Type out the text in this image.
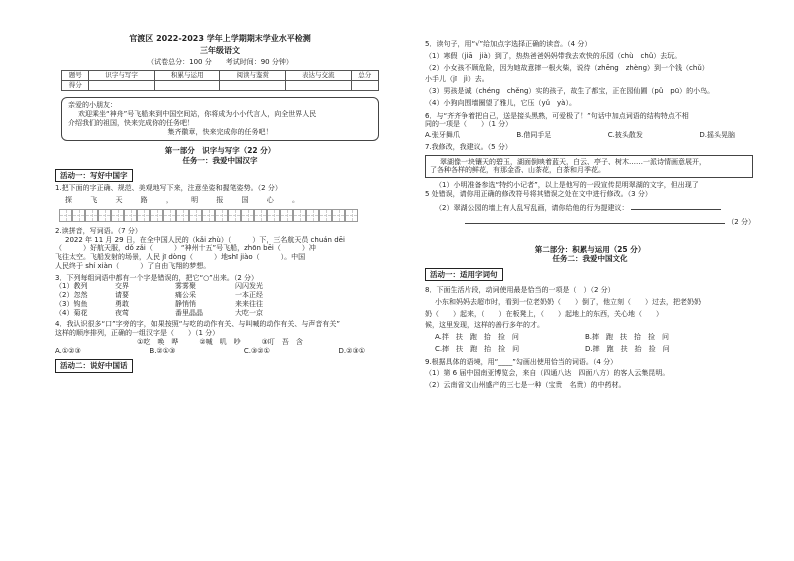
官渡区 2022-2023 学年上学期期末学业水平检测
三年级语文
（试卷总分：100 分　　考试时间：90 分钟）
题号	识字与写字	积累与运用	阅读与鉴赏	表达与交流	总分
得分					

亲爱的小朋友：

欢迎乘坐“神舟”号飞船来到中国空间站，你将成为小小代言人，向全世界人民

介绍我们的祖国，快来完成你的任务吧！

集齐徽章，快来完成你的任务吧！

第一部分　识字与写字（22 分）
任务一：我爱中国汉字
活动一：写好中国字

1.把下面的字正确、规范、美观地写下来，注意坐姿和握笔姿势。（2 分）

探 飞 天 路 ， 明 报 国 心 。

2.读拼音，写词语。（7 分）

2022 年 11 月 29 日，在全中国人民的（kǎi zhù）（　　　）下，三名航天员 chuán dēi

（　　　）好航天服，dǒ zǎi（　　　）“神州十五”号飞船，zhōn bēi（　　　）冲

飞往太空。飞船发射的场景，人民 jī dòng（　　　）地shī jiào（　　　）。中国

人民终于 shí xiàn（　　　）了自由飞翔的梦想。

3．下列每组词语中都有一个字是错误的，把它“○”出来。（2 分）

（1）教列	交界	雾雾聚	闪闪发光
（2）忽然	请要	痛公采	一本正经
（3）钩鱼	勇敢	静悄悄	来来往往
（4）菊花	夜莺	番里晶晶	大吃一京

4．我认识很多“口”字旁的字，如果按照“与吃的动作有关、与叫喊的动作有关、与声音有关”

这样的顺序排列，正确的一组汉字是（　　）（1 分）

①吃　唤　哗　　　②喊　叽　吵　　　③叮　吾　含

A.①②③	B.②①③	C.③②①	D.②③①
活动二：说好中国话

5．读句子，用“√”给加点字选择正确的读音。（4 分）

（1）寒假（jiā　jià）到了，热热爸爸妈妈带我去欢快的乐园（chù　chǔ）去玩。

（2）小女孩不顾危险，因为她故意摔一根火柴，说待（zhēng　zhèng）到一个钱（chǔ）

小手儿（jī　jì）去。

（3）男孩是诚（chéng　chěng）实的孩子，故生了都宝，正在园仙圃（pǔ　pū）的小鸟。

（4）小狗向围墙圈望了雅儿，它压（yǔ　yà）。

6．与“齐齐争着把自己，送是接头黑熟，可爱极了！”句话中加点词语的结构特点不相

同的一项是（　　）（1 分）

A.张牙舞爪	B.借同手足	C.披头散发	D.摇头晃脑

7.我修改，我建议。（5 分）

翠湖像一块镶天的碧玉，湖面倒映着蓝天，白云、亭子、树木……一派诗情画意展开，

了各种各样的鲜花，有那金香、山茶花，白茶和月季花。

（1）小明准备参选“特约小记者”，以上是他写的一段宣传昆明翠湖的文字，但出现了

5 处错误，请你用正确的修改符号将其错误之处在文中进行修改。（3 分）

（2）翠湖公园的墙上有人乱写乱画，请你给他的行为提建议：

（2 分）

第二部分：积累与运用（25 分）
任务二：我爱中国文化
活动一：适用字词句

8．下面生活片段，动词使用最是恰当的一项是（　）（2 分）

小东和妈妈去超市时，看到一位老奶奶（　　）倒了，他立刻（　　）过去，把老奶奶

奶（　　）起来，（　　）在板凳上，（　　）起地上的东西，关心地（　　）

候，这里发现，这样的善行多年的才。

A.拌　扶　跑　拾　捡　问	B.摔　跑　扶　拾　捡　问
C.摔　扶　跑　抬　捡　问	D.摔　跑　扶　抬　捡　问

9.根据具体的语境，用“____”勾画出使用恰当的词语。（4 分）

（1）第 6 届中国南亚博览会，来自（四通八达　四面八方）的客人云集昆明。

（2）云南省文山州盛产的三七是一种（宝贵　名贵）的中药材。
